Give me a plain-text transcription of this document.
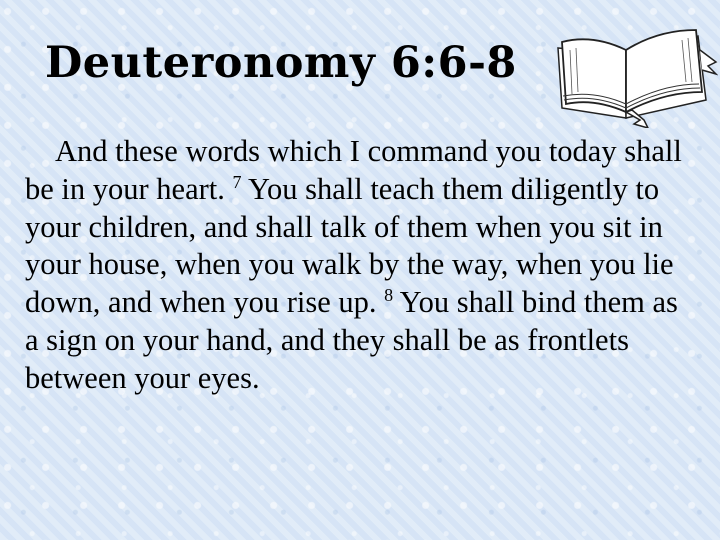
Deuteronomy 6:6-8

And these words which I command you today shall be in your heart. $^7$ You shall teach them diligently to your children, and shall talk of them when you sit in your house, when you walk by the way, when you lie down, and when you rise up. $^8$ You shall bind them as a sign on your hand, and they shall be as frontlets between your eyes.
